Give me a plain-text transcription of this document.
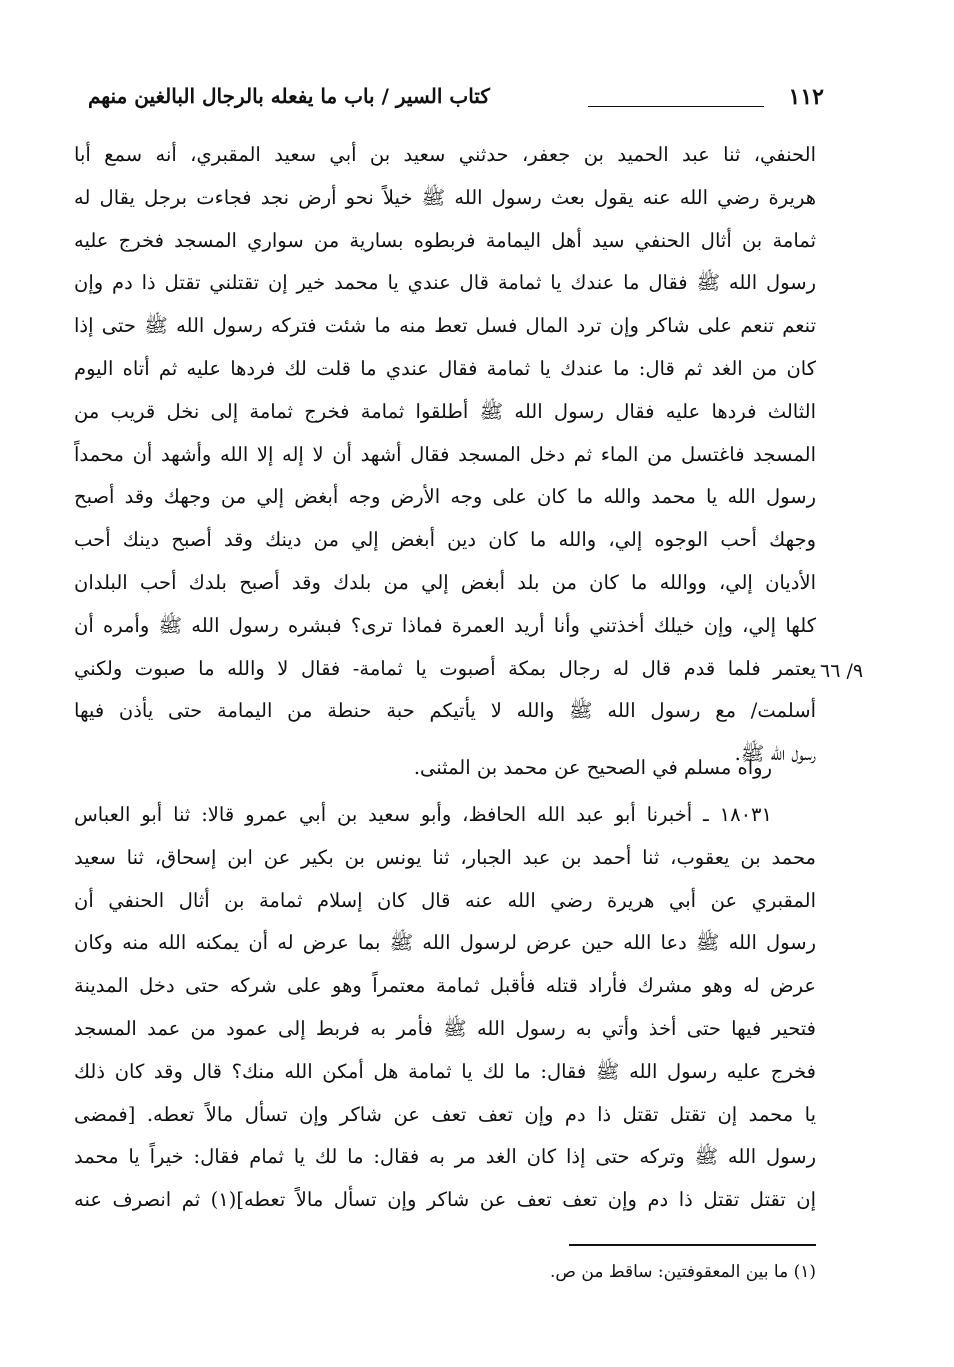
١١٢
كتاب السير / باب ما يفعله بالرجال البالغين منهم
الحنفي، ثنا عبد الحميد بن جعفر، حدثني سعيد بن أبي سعيد المقبري، أنه سمع أبا
هريرة رضي الله عنه يقول بعث رسول الله ﷺ خيلاً نحو أرض نجد فجاءت برجل يقال له
ثمامة بن أثال الحنفي سيد أهل اليمامة فربطوه بسارية من سواري المسجد فخرج عليه
رسول الله ﷺ فقال ما عندك يا ثمامة قال عندي يا محمد خير إن تقتلني تقتل ذا دم وإن
تنعم تنعم على شاكر وإن ترد المال فسل تعط منه ما شئت فتركه رسول الله ﷺ حتى إذا
كان من الغد ثم قال: ما عندك يا ثمامة فقال عندي ما قلت لك فردها عليه ثم أتاه اليوم
الثالث فردها عليه فقال رسول الله ﷺ أطلقوا ثمامة فخرج ثمامة إلى نخل قريب من
المسجد فاغتسل من الماء ثم دخل المسجد فقال أشهد أن لا إله إلا الله وأشهد أن محمداً
رسول الله يا محمد والله ما كان على وجه الأرض وجه أبغض إلي من وجهك وقد أصبح
وجهك أحب الوجوه إلي، والله ما كان دين أبغض إلي من دينك وقد أصبح دينك أحب
الأديان إلي، ووالله ما كان من بلد أبغض إلي من بلدك وقد أصبح بلدك أحب البلدان
كلها إلي، وإن خيلك أخذتني وأنا أريد العمرة فماذا ترى؟ فبشره رسول الله ﷺ وأمره أن
يعتمر فلما قدم قال له رجال بمكة أصبوت يا ثمامة- فقال لا والله ما صبوت ولكني
أسلمت/ مع رسول الله ﷺ والله لا يأتيكم حبة حنطة من اليمامة حتى يأذن فيها
رسول الله ﷺ.
٩/ ٦٦
رواه مسلم في الصحيح عن محمد بن المثنى.
١٨٠٣١ ـ أخبرنا أبو عبد الله الحافظ، وأبو سعيد بن أبي عمرو قالا: ثنا أبو العباس
محمد بن يعقوب، ثنا أحمد بن عبد الجبار، ثنا يونس بن بكير عن ابن إسحاق، ثنا سعيد
المقبري عن أبي هريرة رضي الله عنه قال كان إسلام ثمامة بن أثال الحنفي أن
رسول الله ﷺ دعا الله حين عرض لرسول الله ﷺ بما عرض له أن يمكنه الله منه وكان
عرض له وهو مشرك فأراد قتله فأقبل ثمامة معتمراً وهو على شركه حتى دخل المدينة
فتحير فيها حتى أخذ وأتي به رسول الله ﷺ فأمر به فربط إلى عمود من عمد المسجد
فخرج عليه رسول الله ﷺ فقال: ما لك يا ثمامة هل أمكن الله منك؟ قال وقد كان ذلك
يا محمد إن تقتل تقتل ذا دم وإن تعف تعف عن شاكر وإن تسأل مالاً تعطه. [فمضى
رسول الله ﷺ وتركه حتى إذا كان الغد مر به فقال: ما لك يا ثمام فقال: خيراً يا محمد
إن تقتل تقتل ذا دم وإن تعف تعف عن شاكر وإن تسأل مالاً تعطه](١) ثم انصرف عنه
(١) ما بين المعقوفتين: ساقط من ص.
